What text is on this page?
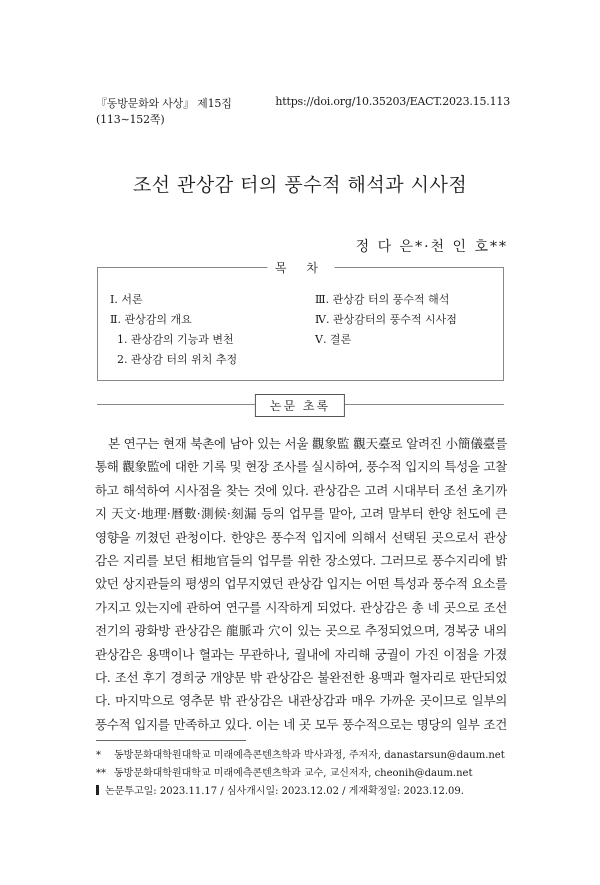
『동방문화와 사상』 제15집(113∼152쪽)
https://doi.org/10.35203/EACT.2023.15.113
조선 관상감 터의 풍수적 해석과 시사점
정 다 은*·천 인 호**
목 차
Ⅰ. 서론
Ⅱ. 관상감의 개요
1. 관상감의 기능과 변천
2. 관상감 터의 위치 추정
Ⅲ. 관상감 터의 풍수적 해석
Ⅳ. 관상감터의 풍수적 시사점
Ⅴ. 결론
논문 초록
본 연구는 현재 북촌에 남아 있는 서울 觀象監 觀天臺로 알려진 小簡儀臺를 통해 觀象監에 대한 기록 및 현장 조사를 실시하여, 풍수적 입지의 특성을 고찰하고 해석하여 시사점을 찾는 것에 있다. 관상감은 고려 시대부터 조선 초기까지 天文·地理·曆數·測候·刻漏 등의 업무를 맡아, 고려 말부터 한양 천도에 큰 영향을 끼쳤던 관청이다. 한양은 풍수적 입지에 의해서 선택된 곳으로서 관상감은 지리를 보던 相地官들의 업무를 위한 장소였다. 그러므로 풍수지리에 밝았던 상지관들의 평생의 업무지였던 관상감 입지는 어떤 특성과 풍수적 요소를 가지고 있는지에 관하여 연구를 시작하게 되었다. 관상감은 총 네 곳으로 조선전기의 광화방 관상감은 龍脈과 穴이 있는 곳으로 추정되었으며, 경복궁 내의 관상감은 용맥이나 혈과는 무관하나, 궐내에 자리해 궁궐이 가진 이점을 가졌다. 조선 후기 경희궁 개양문 밖 관상감은 불완전한 용맥과 혈자리로 판단되었다. 마지막으로 영추문 밖 관상감은 내관상감과 매우 가까운 곳이므로 일부의 풍수적 입지를 만족하고 있다. 이는 네 곳 모두 풍수적으로는 명당의 일부 조건
* 동방문화대학원대학교 미래예측콘텐츠학과 박사과정, 주저자, danastarsun@daum.net
** 동방문화대학원대학교 미래예측콘텐츠학과 교수, 교신저자, cheonih@daum.net
논문투고일: 2023.11.17 / 심사개시일: 2023.12.02 / 게재확정일: 2023.12.09.
